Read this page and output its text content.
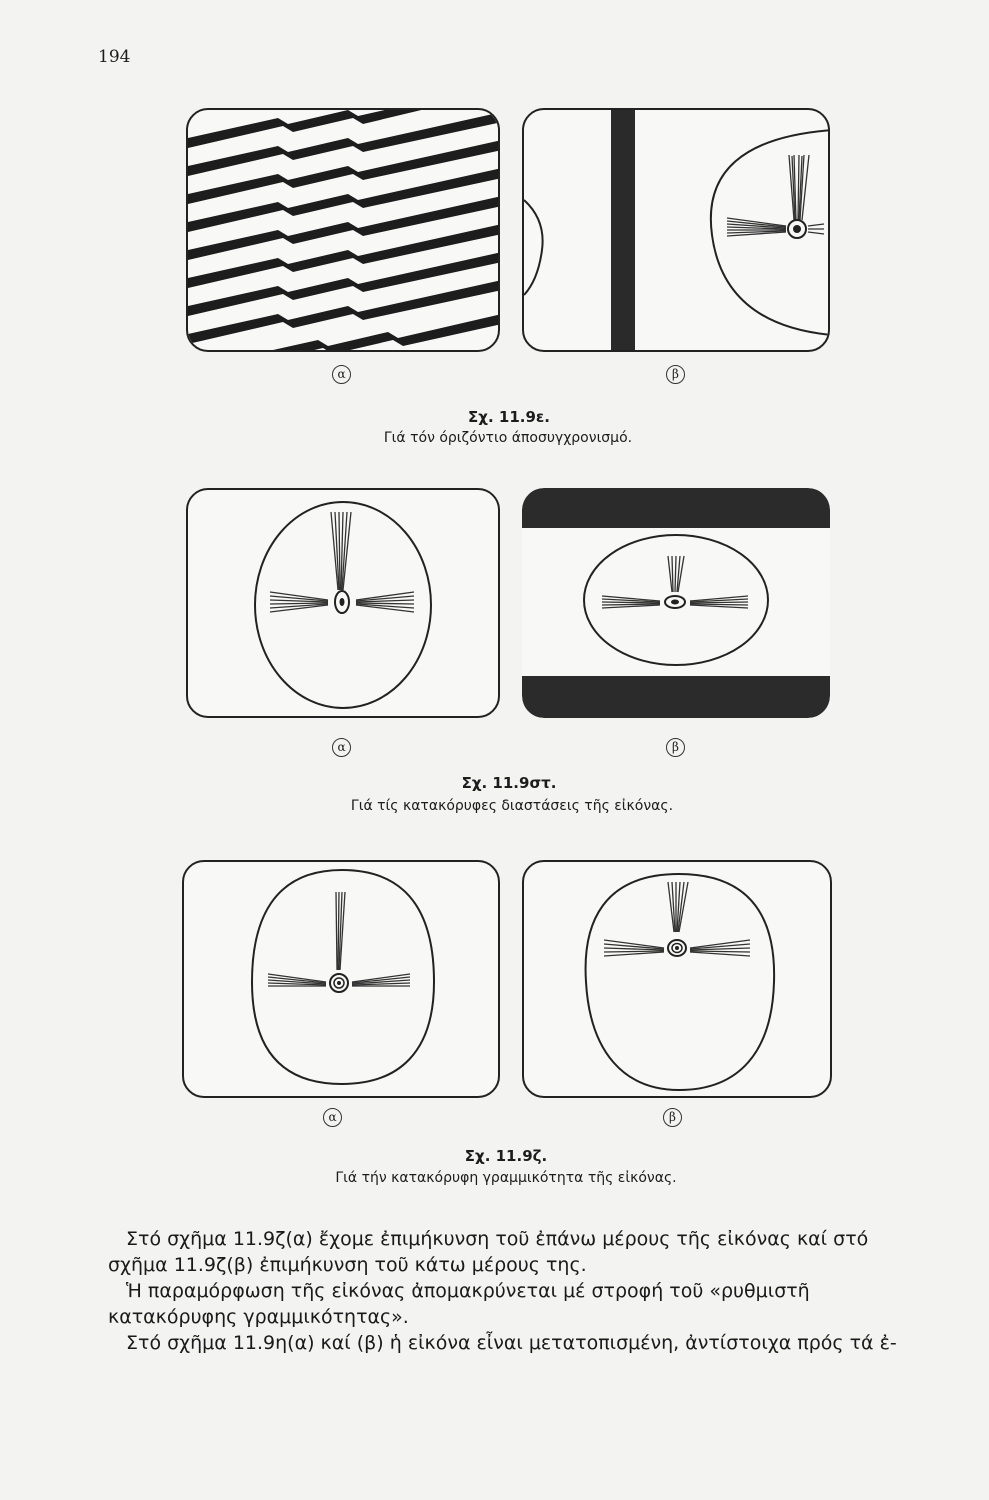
194
α	β
Σχ. 11.9ε.
Γιά τόν όριζόντιο άποσυγχρονισμό.
α	β
Σχ. 11.9στ.
Γιά τίς κατακόρυφες διαστάσεις τῆς εἰκόνας.
α	β
Σχ. 11.9ζ.
Γιά τήν κατακόρυφη γραμμικότητα τῆς εἰκόνας.

Στό σχῆμα 11.9ζ(α) ἔχομε ἐπιμήκυνση τοῦ ἐπάνω μέρους τῆς εἰκόνας καί στό σχῆμα 11.9ζ(β) ἐπιμήκυνση τοῦ κάτω μέρους της.

Ἡ παραμόρφωση τῆς εἰκόνας ἀπομακρύνεται μέ στροφή τοῦ «ρυθμιστῆ κατακόρυφης γραμμικότητας».

Στό σχῆμα 11.9η(α) καί (β) ἡ εἰκόνα εἶναι μετατοπισμένη, ἀντίστοιχα πρός τά ἐ-
